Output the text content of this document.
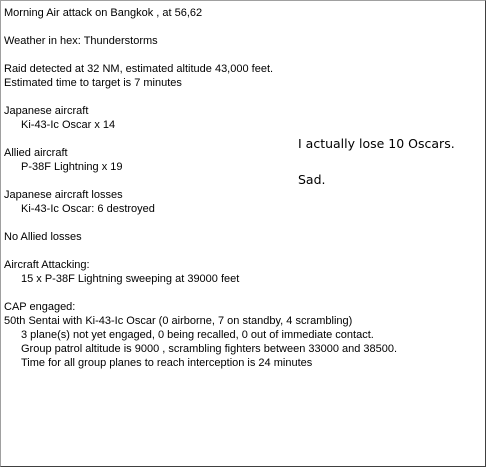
Morning Air attack on Bangkok , at 56,62
Weather in hex: Thunderstorms
Raid detected at 32 NM, estimated altitude 43,000 feet.
Estimated time to target is 7 minutes
Japanese aircraft
Ki-43-Ic Oscar x 14
Allied aircraft
P-38F Lightning x 19
Japanese aircraft losses
Ki-43-Ic Oscar: 6 destroyed
No Allied losses
Aircraft Attacking:
15 x P-38F Lightning sweeping at 39000 feet
CAP engaged:
50th Sentai with Ki-43-Ic Oscar (0 airborne, 7 on standby, 4 scrambling)
3 plane(s) not yet engaged, 0 being recalled, 0 out of immediate contact.
Group patrol altitude is 9000 , scrambling fighters between 33000 and 38500.
Time for all group planes to reach interception is 24 minutes
I actually lose 10 Oscars.
Sad.
